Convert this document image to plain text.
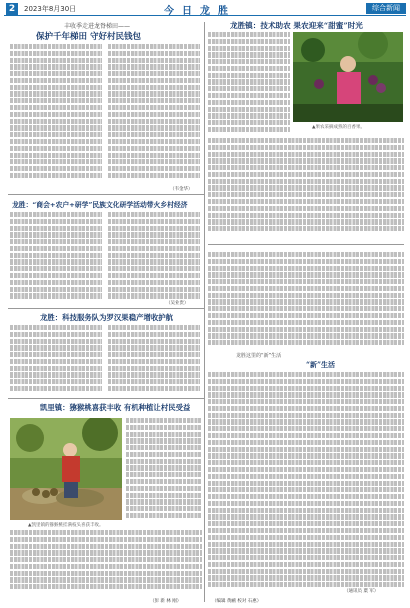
2	2023年8月30日	今日龙胜	综合新闻
丰收季走进龙脊梯田——
保护千年梯田 守好村民钱包
（韦金华）
龙胜：“商会+农户+研学”民族文化研学活动带火乡村经济
（吴业贵）
龙胜：科技服务队为罗汉果稳产增收护航
凯里镇：猕猴桃喜获丰收 有机种植让村民受益
▲凯里镇的猕猴桃挂满枝头喜获丰收。
（彭 新 林 刚）
龙胜镇：技术助农 果农迎来“甜蜜”时光
▲果农采摘成熟的百香果。
龙胜这里的“新”生活
“新”生活
（通讯员 粟 军）
（编辑 黄鹂 校对 石惠）
